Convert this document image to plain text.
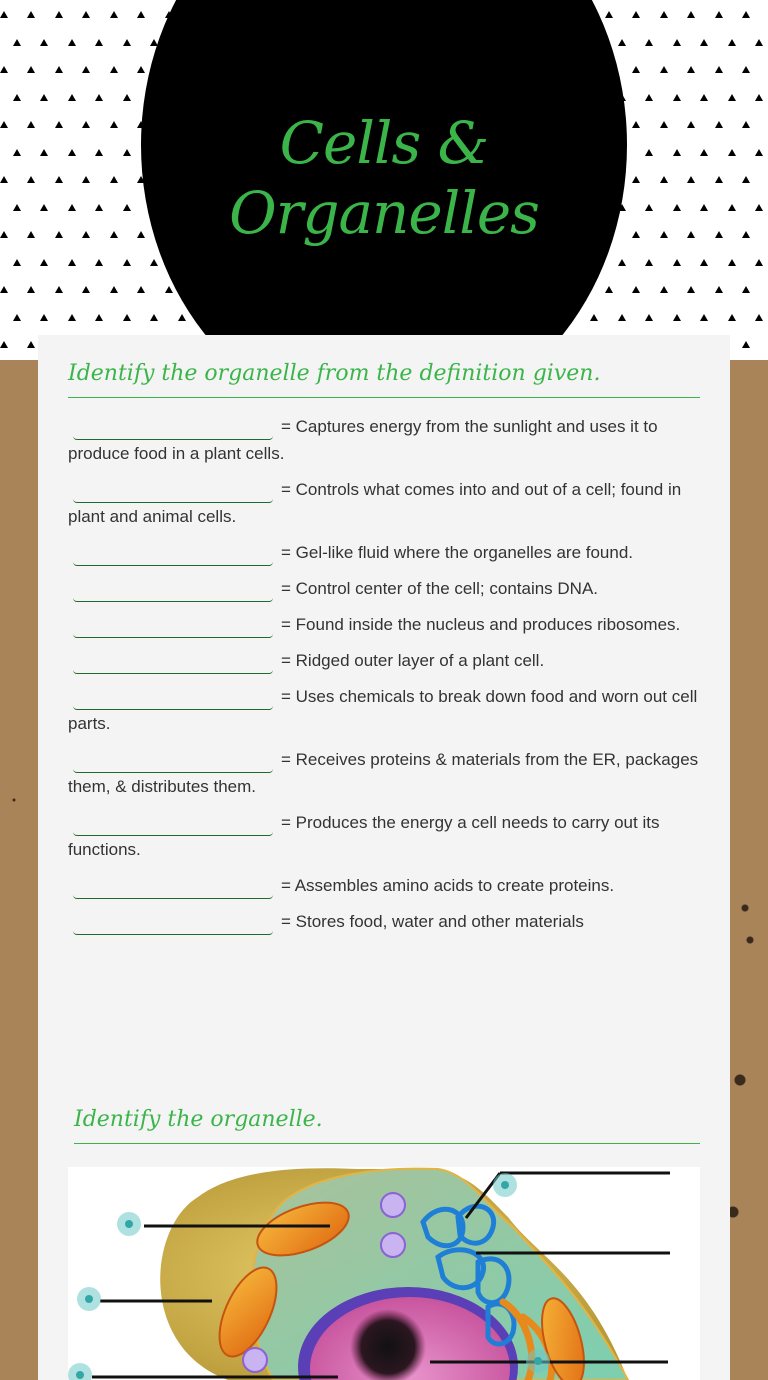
Cells &
Organelles
Identify the organelle from the definition given.
= Captures energy from the sunlight and uses it to produce food in a plant cells.
= Controls what comes into and out of a cell; found in plant and animal cells.
= Gel-like fluid where the organelles are found.
= Control center of the cell; contains DNA.
= Found inside the nucleus and produces ribosomes.
= Ridged outer layer of a plant cell.
= Uses chemicals to break down food and worn out cell parts.
= Receives proteins & materials from the ER, packages them, & distributes them.
= Produces the energy a cell needs to carry out its functions.
= Assembles amino acids to create proteins.
= Stores food, water and other materials
Identify the organelle.
